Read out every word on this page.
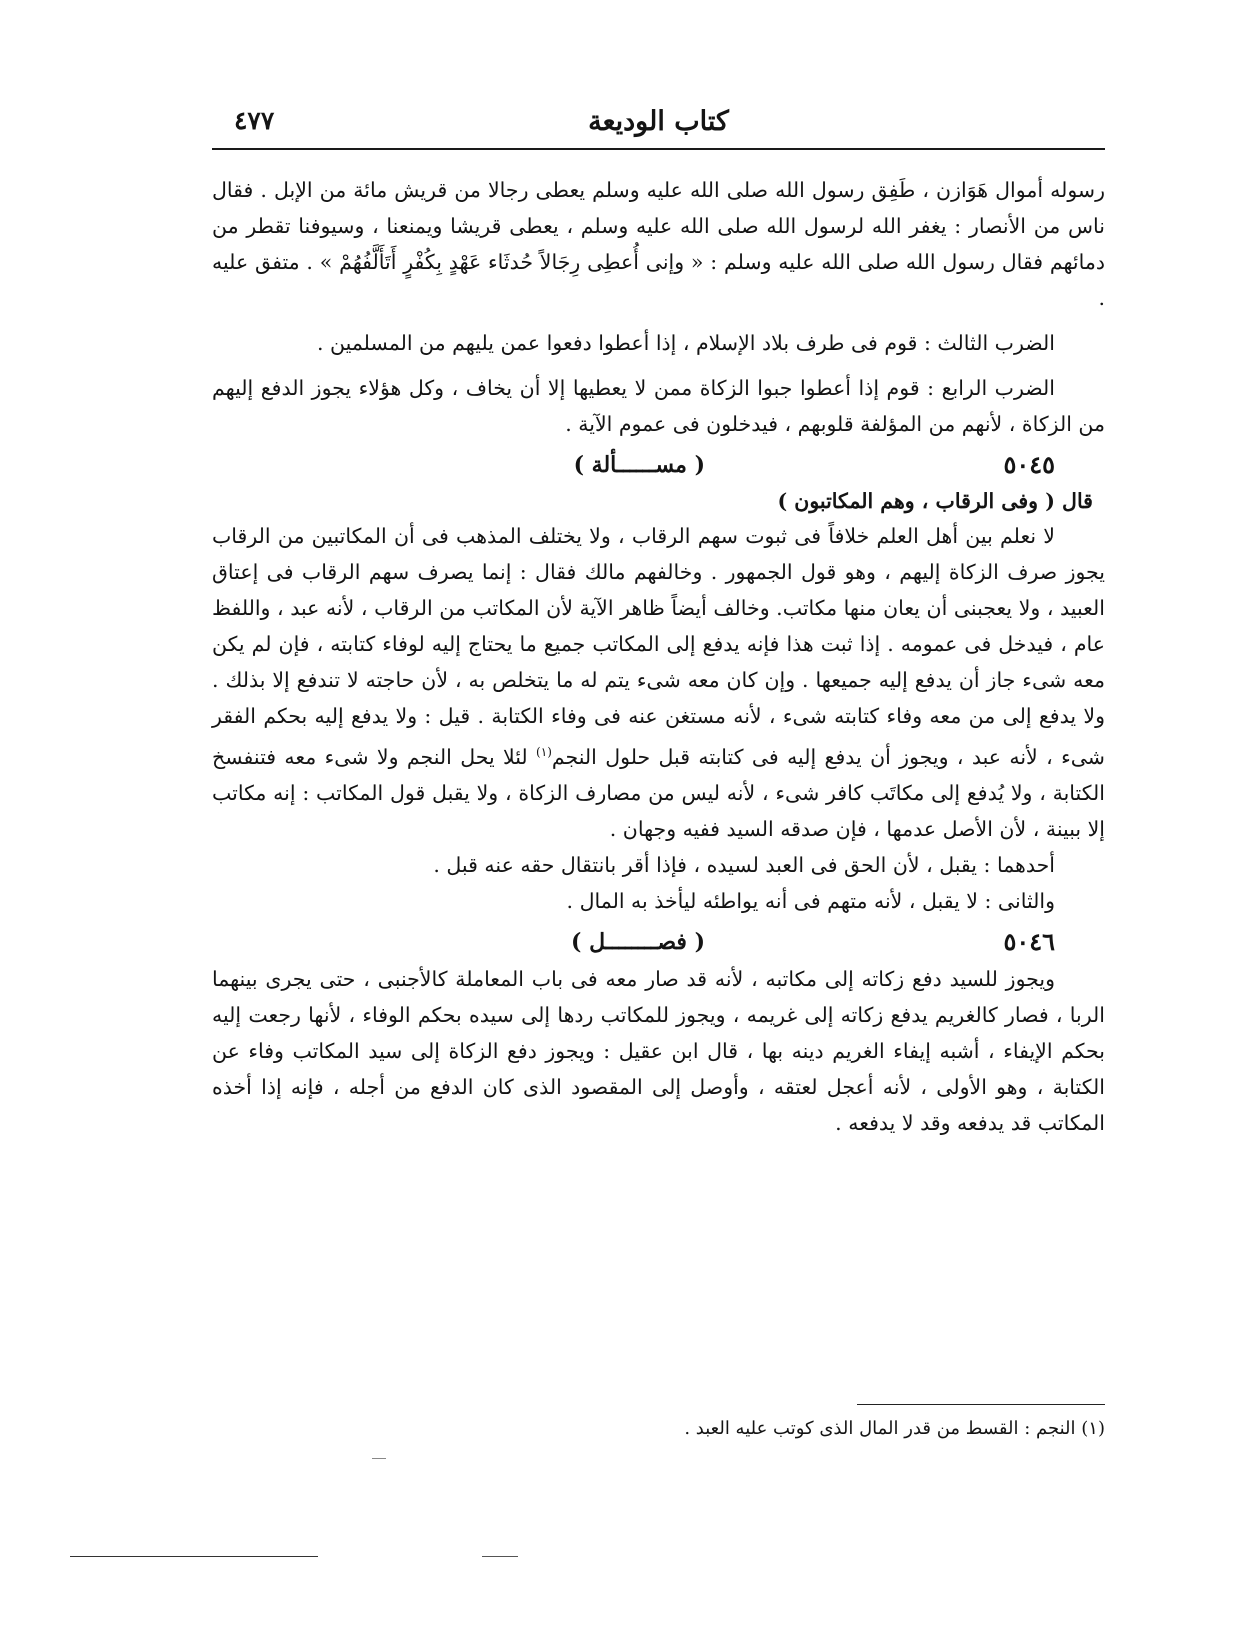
كتاب الوديعة
٤٧٧

رسوله أموال هَوَازن ، طَفِق رسول الله صلى الله عليه وسلم يعطى رجالا من قريش مائة من الإبل . فقال ناس من الأنصار : يغفر الله لرسول الله صلى الله عليه وسلم ، يعطى قريشا ويمنعنا ، وسيوفنا تقطر من دمائهم فقال رسول الله صلى الله عليه وسلم : « وإنى أُعطِى رِجَالاً حُدثَاء عَهْدٍ بِكُفْرٍ أَتَأَلَّفُهُمْ » . متفق عليه .

الضرب الثالث : قوم فى طرف بلاد الإسلام ، إذا أعطوا دفعوا عمن يليهم من المسلمين .

الضرب الرابع : قوم إذا أعطوا جبوا الزكاة ممن لا يعطيها إلا أن يخاف ، وكل هؤلاء يجوز الدفع إليهم من الزكاة ، لأنهم من المؤلفة قلوبهم ، فيدخلون فى عموم الآية .

٥٠٤٥
( مســــــألة )

قال ( وفى الرقاب ، وهم المكاتبون )

لا نعلم بين أهل العلم خلافاً فى ثبوت سهم الرقاب ، ولا يختلف المذهب فى أن المكاتبين من الرقاب يجوز صرف الزكاة إليهم ، وهو قول الجمهور . وخالفهم مالك فقال : إنما يصرف سهم الرقاب فى إعتاق العبيد ، ولا يعجبنى أن يعان منها مكاتب. وخالف أيضاً ظاهر الآية لأن المكاتب من الرقاب ، لأنه عبد ، واللفظ عام ، فيدخل فى عمومه . إذا ثبت هذا فإنه يدفع إلى المكاتب جميع ما يحتاج إليه لوفاء كتابته ، فإن لم يكن معه شىء جاز أن يدفع إليه جميعها . وإن كان معه شىء يتم له ما يتخلص به ، لأن حاجته لا تندفع إلا بذلك . ولا يدفع إلى من معه وفاء كتابته شىء ، لأنه مستغن عنه فى وفاء الكتابة . قيل : ولا يدفع إليه بحكم الفقر شىء ، لأنه عبد ، ويجوز أن يدفع إليه فى كتابته قبل حلول النجم$^{(١)}$ لئلا يحل النجم ولا شىء معه فتنفسخ الكتابة ، ولا يُدفع إلى مكاتَب كافر شىء ، لأنه ليس من مصارف الزكاة ، ولا يقبل قول المكاتب : إنه مكاتب إلا ببينة ، لأن الأصل عدمها ، فإن صدقه السيد ففيه وجهان .

أحدهما : يقبل ، لأن الحق فى العبد لسيده ، فإذا أقر بانتقال حقه عنه قبل .

والثانى : لا يقبل ، لأنه متهم فى أنه يواطئه ليأخذ به المال .

٥٠٤٦
( فصــــــــل )

ويجوز للسيد دفع زكاته إلى مكاتبه ، لأنه قد صار معه فى باب المعاملة كالأجنبى ، حتى يجرى بينهما الربا ، فصار كالغريم يدفع زكاته إلى غريمه ، ويجوز للمكاتب ردها إلى سيده بحكم الوفاء ، لأنها رجعت إليه بحكم الإيفاء ، أشبه إيفاء الغريم دينه بها ، قال ابن عقيل : ويجوز دفع الزكاة إلى سيد المكاتب وفاء عن الكتابة ، وهو الأولى ، لأنه أعجل لعتقه ، وأوصل إلى المقصود الذى كان الدفع من أجله ، فإنه إذا أخذه المكاتب قد يدفعه وقد لا يدفعه .

(١) النجم : القسط من قدر المال الذى كوتب عليه العبد .
